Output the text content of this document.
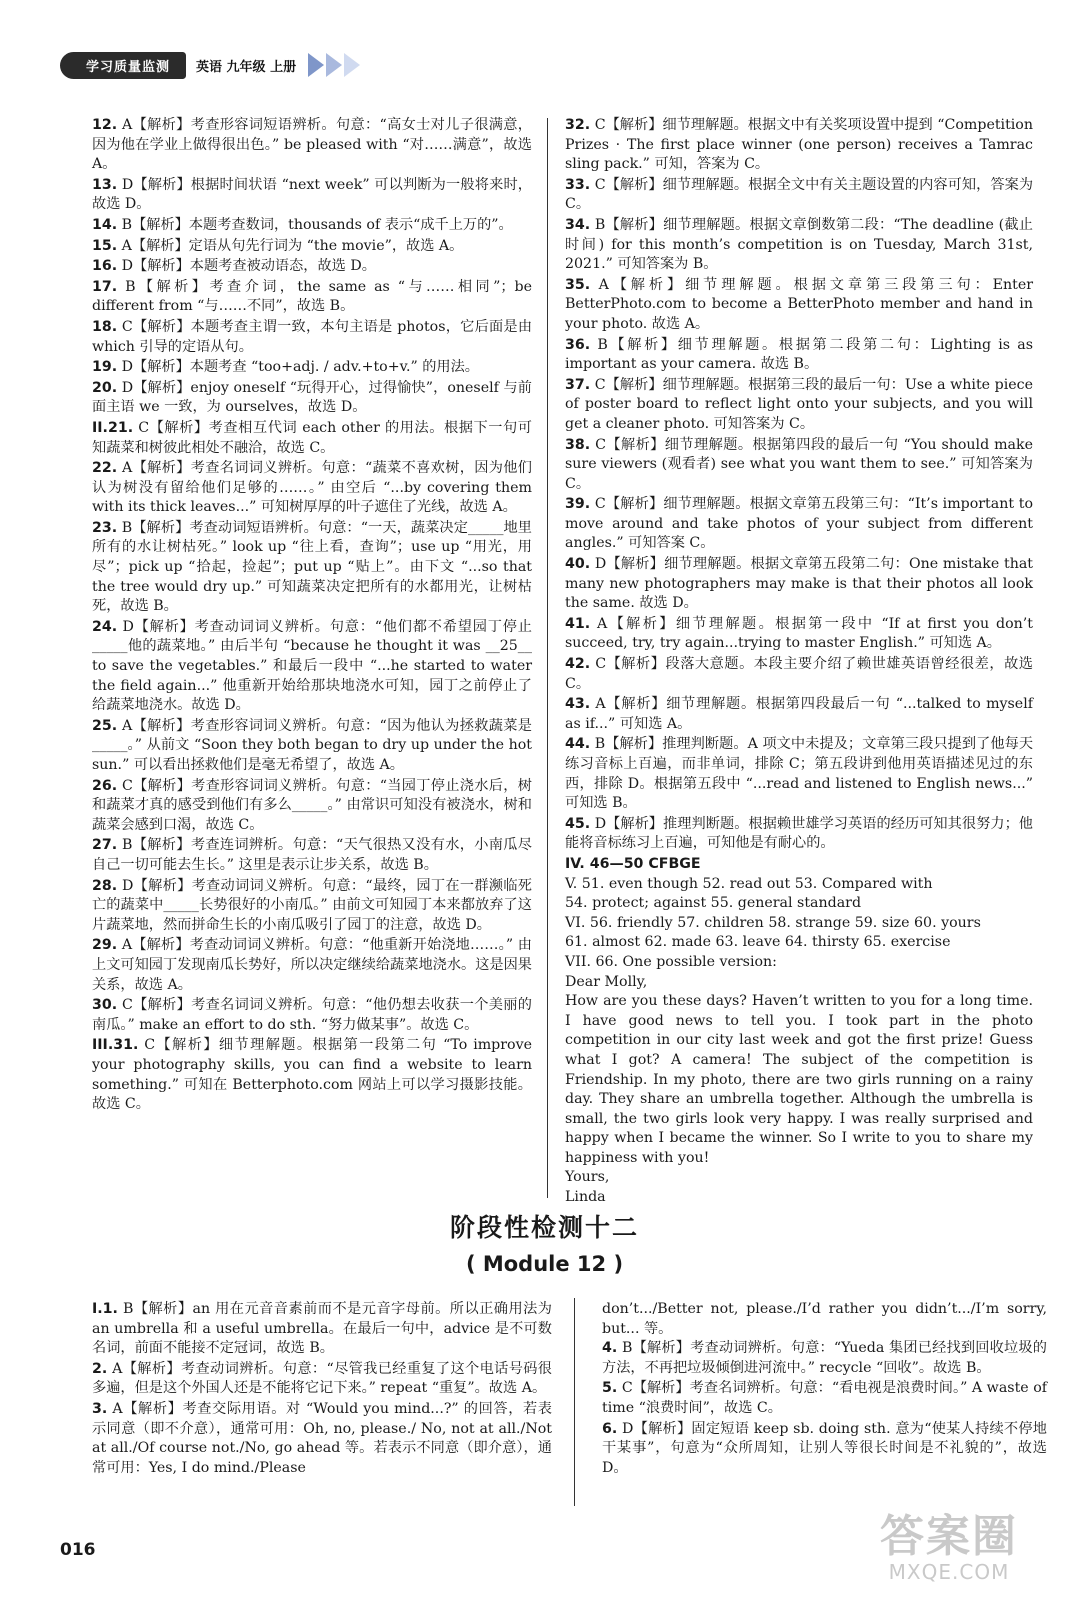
学习质量监测	英语 九年级 上册

12. A【解析】考查形容词短语辨析。句意：“高女士对儿子很满意，因为他在学业上做得很出色。” be pleased with “对……满意”，故选 A。

13. D【解析】根据时间状语 “next week” 可以判断为一般将来时，故选 D。

14. B【解析】本题考查数词，thousands of 表示“成千上万的”。

15. A【解析】定语从句先行词为 “the movie”，故选 A。

16. D【解析】本题考查被动语态，故选 D。

17. B【解析】考查介词，the same as “与……相同”；be different from “与……不同”，故选 B。

18. C【解析】本题考查主谓一致，本句主语是 photos，它后面是由 which 引导的定语从句。

19. D【解析】本题考查 “too+adj. / adv.+to+v.” 的用法。

20. D【解析】enjoy oneself “玩得开心，过得愉快”，oneself 与前面主语 we 一致，为 ourselves，故选 D。

II.21. C【解析】考查相互代词 each other 的用法。根据下一句可知蔬菜和树彼此相处不融洽，故选 C。

22. A【解析】考查名词词义辨析。句意：“蔬菜不喜欢树，因为他们认为树没有留给他们足够的……。” 由空后 “...by covering them with its thick leaves...” 可知树厚厚的叶子遮住了光线，故选 A。

23. B【解析】考查动词短语辨析。句意：“一天，蔬菜决定_____地里所有的水让树枯死。” look up “往上看，查询”；use up “用光，用尽”；pick up “拾起，捡起”；put up “贴上”。由下文 “...so that the tree would dry up.” 可知蔬菜决定把所有的水都用光，让树枯死，故选 B。

24. D【解析】考查动词词义辨析。句意：“他们都不希望园丁停止_____他的蔬菜地。” 由后半句 “because he thought it was __25__ to save the vegetables.” 和最后一段中 “...he started to water the field again...” 他重新开始给那块地浇水可知，园丁之前停止了给蔬菜地浇水。故选 D。

25. A【解析】考查形容词词义辨析。句意：“因为他认为拯救蔬菜是_____。” 从前文 “Soon they both began to dry up under the hot sun.” 可以看出拯救他们是毫无希望了，故选 A。

26. C【解析】考查形容词词义辨析。句意：“当园丁停止浇水后，树和蔬菜才真的感受到他们有多么_____。” 由常识可知没有被浇水，树和蔬菜会感到口渴，故选 C。

27. B【解析】考查连词辨析。句意：“天气很热又没有水，小南瓜尽自己一切可能去生长。” 这里是表示让步关系，故选 B。

28. D【解析】考查动词词义辨析。句意：“最终，园丁在一群濒临死亡的蔬菜中_____长势很好的小南瓜。” 由前文可知园丁本来都放弃了这片蔬菜地，然而拼命生长的小南瓜吸引了园丁的注意，故选 D。

29. A【解析】考查动词词义辨析。句意：“他重新开始浇地……。” 由上文可知园丁发现南瓜长势好，所以决定继续给蔬菜地浇水。这是因果关系，故选 A。

30. C【解析】考查名词词义辨析。句意：“他仍想去收获一个美丽的南瓜。” make an effort to do sth. “努力做某事”。故选 C。

III.31. C【解析】细节理解题。根据第一段第二句 “To improve your photography skills, you can find a website to learn something.” 可知在 Betterphoto.com 网站上可以学习摄影技能。故选 C。

32. C【解析】细节理解题。根据文中有关奖项设置中提到 “Competition Prizes · The first place winner (one person) receives a Tamrac sling pack.” 可知，答案为 C。

33. C【解析】细节理解题。根据全文中有关主题设置的内容可知，答案为 C。

34. B【解析】细节理解题。根据文章倒数第二段：“The deadline (截止时间) for this month’s competition is on Tuesday, March 31st, 2021.” 可知答案为 B。

35. A【解析】细节理解题。根据文章第三段第三句：Enter BetterPhoto.com to become a BetterPhoto member and hand in your photo. 故选 A。

36. B【解析】细节理解题。根据第二段第二句：Lighting is as important as your camera. 故选 B。

37. C【解析】细节理解题。根据第三段的最后一句：Use a white piece of poster board to reflect light onto your subjects, and you will get a cleaner photo. 可知答案为 C。

38. C【解析】细节理解题。根据第四段的最后一句 “You should make sure viewers (观看者) see what you want them to see.” 可知答案为 C。

39. C【解析】细节理解题。根据文章第五段第三句：“It’s important to move around and take photos of your subject from different angles.” 可知答案 C。

40. D【解析】细节理解题。根据文章第五段第二句：One mistake that many new photographers may make is that their photos all look the same. 故选 D。

41. A【解析】细节理解题。根据第一段中 “If at first you don’t succeed, try, try again...trying to master English.” 可知选 A。

42. C【解析】段落大意题。本段主要介绍了赖世雄英语曾经很差，故选 C。

43. A【解析】细节理解题。根据第四段最后一句 “...talked to myself as if...” 可知选 A。

44. B【解析】推理判断题。A 项文中未提及；文章第三段只提到了他每天练习音标上百遍，而非单词，排除 C；第五段讲到他用英语描述见过的东西，排除 D。根据第五段中 “...read and listened to English news...” 可知选 B。

45. D【解析】推理判断题。根据赖世雄学习英语的经历可知其很努力；他能将音标练习上百遍，可知他是有耐心的。

IV. 46—50 CFBGE

V. 51. even though 52. read out 53. Compared with

54. protect; against 55. general standard

VI. 56. friendly 57. children 58. strange 59. size 60. yours

61. almost 62. made 63. leave 64. thirsty 65. exercise

VII. 66. One possible version:

Dear Molly,

How are you these days? Haven’t written to you for a long time. I have good news to tell you. I took part in the photo competition in our city last week and got the first prize! Guess what I got? A camera! The subject of the competition is Friendship. In my photo, there are two girls running on a rainy day. They share an umbrella together. Although the umbrella is small, the two girls look very happy. I was really surprised and happy when I became the winner. So I write to you to share my happiness with you!

Yours,

Linda

阶段性检测十二
( Module 12 )

I.1. B【解析】an 用在元音音素前而不是元音字母前。所以正确用法为 an umbrella 和 a useful umbrella。在最后一句中，advice 是不可数名词，前面不能接不定冠词，故选 B。

2. A【解析】考查动词辨析。句意：“尽管我已经重复了这个电话号码很多遍，但是这个外国人还是不能将它记下来。” repeat “重复”。故选 A。

3. A【解析】考查交际用语。对 “Would you mind...?” 的回答，若表示同意（即不介意），通常可用：Oh, no, please./ No, not at all./Not at all./Of course not./No, go ahead 等。若表示不同意（即介意），通常可用：Yes, I do mind./Please

don’t.../Better not, please./I’d rather you didn’t.../I’m sorry, but... 等。

4. B【解析】考查动词辨析。句意：“Yueda 集团已经找到回收垃圾的方法，不再把垃圾倾倒进河流中。” recycle “回收”。故选 B。

5. C【解析】考查名词辨析。句意：“看电视是浪费时间。” A waste of time “浪费时间”，故选 C。

6. D【解析】固定短语 keep sb. doing sth. 意为“使某人持续不停地干某事”，句意为“众所周知，让别人等很长时间是不礼貌的”，故选 D。

016	答案圈
MXQE.COM
